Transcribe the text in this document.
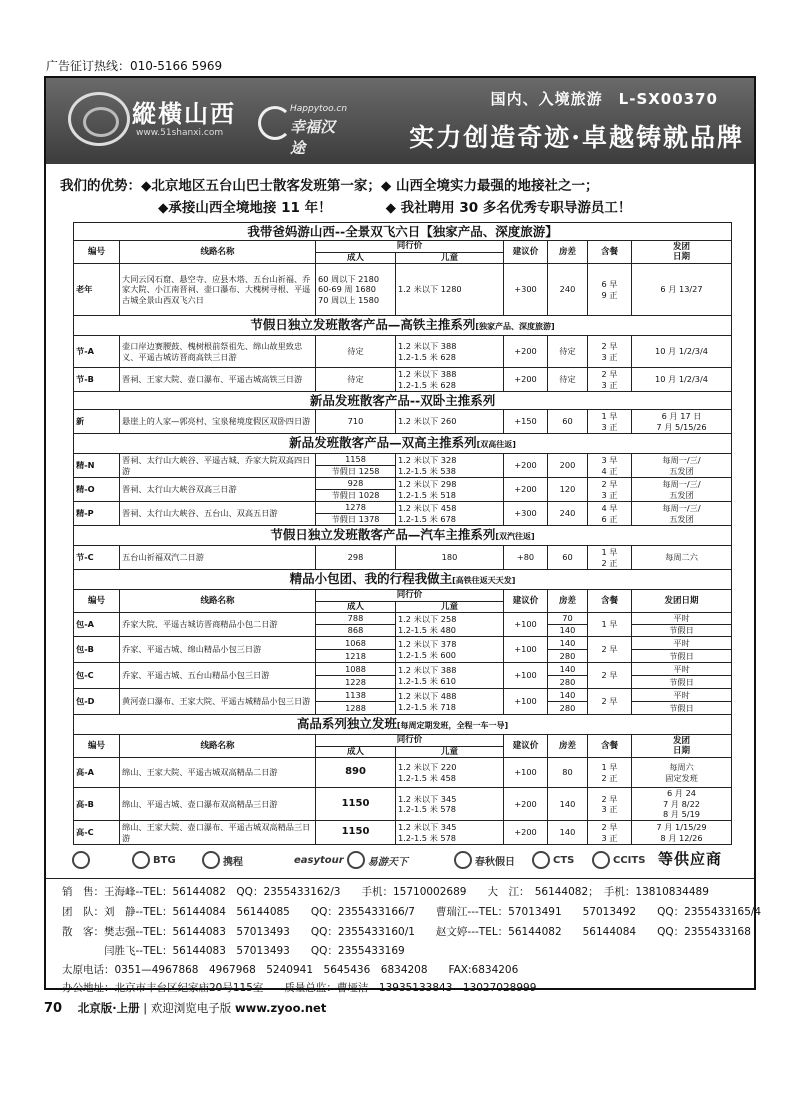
广告征订热线：010-5166 5969
縱橫山西
www.51shanxi.com
Happytoo.cn
幸福汉途
国内、入境旅游　L-SX00370
实力创造奇迹·卓越铸就品牌
我们的优势：◆北京地区五台山巴士散客发班第一家；◆ 山西全境实力最强的地接社之一；
◆承接山西全境地接 11 年！　　　　◆ 我社聘用 30 多名优秀专职导游员工！
我带爸妈游山西--全景双飞六日【独家产品、深度旅游】							
编号	线路名称	同行价		建议价	房差	含餐	发团
日期
		成人	儿童				
老年	大同云冈石窟、悬空寺、应县木塔、五台山祈福、乔家大院、小江南晋祠、壶口瀑布、大槐树寻根、平遥古城全景山西双飞六日	60 周以下 2180
60-69 周 1680
70 周以上 1580	1.2 米以下 1280	+300	240	6 早
9 正	6 月 13/27
节假日独立发班散客产品—高铁主推系列[独家产品、深度旅游]							
节-A	壶口岸边赛腰鼓、槐树根前祭祖先、绵山故里致忠义、平遥古城访晋商高铁三日游	待定	1.2 米以下 388
1.2-1.5 米 628	+200	待定	2 早
3 正	10 月 1/2/3/4
节-B	晋祠、王家大院、壶口瀑布、平遥古城高铁三日游	待定	1.2 米以下 388
1.2-1.5 米 628	+200	待定	2 早
3 正	10 月 1/2/3/4
新品发班散客产品--双卧主推系列							
新	悬崖上的人家—郭亮村、宝泉秘境度假区双卧四日游	710	1.2 米以下 260	+150	60	1 早
3 正	6 月 17 日
7 月 5/15/26
新品发班散客产品—双高主推系列[双高往返]							
精-N	晋祠、太行山大峡谷、平遥古城、乔家大院双高四日游	1158	1.2 米以下 328
1.2-1.5 米 538	+200	200	3 早
4 正	每周一/三/
五发团
		节假日 1258					
精-O	晋祠、太行山大峡谷双高三日游	928	1.2 米以下 298
1.2-1.5 米 518	+200	120	2 早
3 正	每周一/三/
五发团
		节假日 1028					
精-P	晋祠、太行山大峡谷、五台山、双高五日游	1278	1.2 米以下 458
1.2-1.5 米 678	+300	240	4 早
6 正	每周一/三/
五发团
		节假日 1378					
节假日独立发班散客产品—汽车主推系列[双汽往返]							
节-C	五台山祈福双汽二日游	298	180	+80	60	1 早
2 正	每周二六
精品小包团、我的行程我做主[高铁往返天天发]							
编号	线路名称	同行价		建议价	房差	含餐	发团日期
		成人	儿童				
包-A	乔家大院、平遥古城访晋商精品小包二日游	788	1.2 米以下 258
1.2-1.5 米 480	+100	70	1 早	平时
		868			140		节假日
包-B	乔家、平遥古城、绵山精品小包三日游	1068	1.2 米以下 378
1.2-1.5 米 600	+100	140	2 早	平时
		1218			280		节假日
包-C	乔家、平遥古城、五台山精品小包三日游	1088	1.2 米以下 388
1.2-1.5 米 610	+100	140	2 早	平时
		1228			280		节假日
包-D	黄河壶口瀑布、王家大院、平遥古城精品小包三日游	1138	1.2 米以下 488
1.2-1.5 米 718	+100	140	2 早	平时
		1288			280		节假日
高品系列独立发班[每周定期发班，全程一车一导]							
编号	线路名称	同行价		建议价	房差	含餐	发团
日期
		成人	儿童				
高-A	绵山、王家大院、平遥古城双高精品二日游	890	1.2 米以下 220
1.2-1.5 米 458	+100	80	1 早
2 正	每周六
固定发班
高-B	绵山、平遥古城、壶口瀑布双高精品三日游	1150	1.2 米以下 345
1.2-1.5 米 578	+200	140	2 早
3 正	6 月 24
7 月 8/22
8 月 5/19
高-C	绵山、王家大院、壶口瀑布、平遥古城双高精品三日游	1150	1.2 米以下 345
1.2-1.5 米 578	+200	140	2 早
3 正	7 月 1/15/29
8 月 12/26
BTG	携程	easytour 易游天下	春秋假日	CTS	CCITS 等供应商
销　售：王海峰--TEL：56144082　QQ：2355433162/3　　手机：15710002689　　大　江：　56144082；　手机：13810834489
团　队：刘　静--TEL：56144084　56144085　　QQ：2355433166/7　　曹瑞江---TEL：57013491　　57013492　　QQ：2355433165/4
散　客：樊志强--TEL：56144083　57013493　　QQ：2355433160/1　　赵文婷---TEL：56144082　　56144084　　QQ：2355433168
　　　　闫胜飞--TEL：56144083　57013493　　QQ：2355433169
太原电话：0351—4967868　4967968　5240941　5645436　6834208　　FAX:6834206
办公地址：北京市丰台区纪家庙20号115室　　质量总监：曹垭洁　13935133843　13027028999
70 北京版·上册 | 欢迎浏览电子版 www.zyoo.net
